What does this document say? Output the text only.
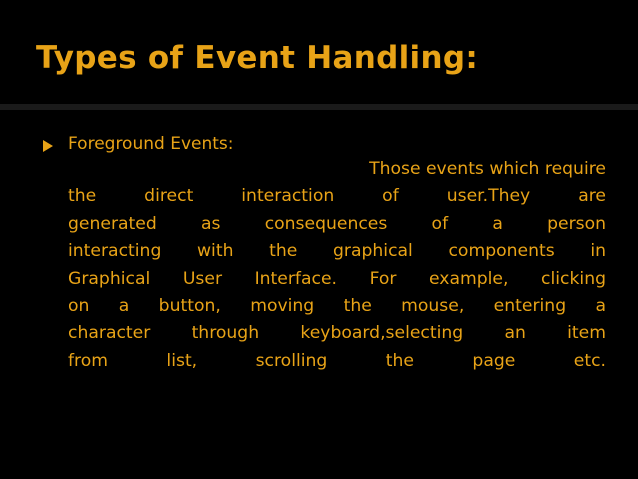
Types of Event Handling:
Foreground Events:
Those events which require
the direct interaction of user.They are
generated as consequences of a person
interacting with the graphical components in
Graphical User Interface. For example, clicking
on a button, moving the mouse, entering a
character through keyboard,selecting an item
from list, scrolling the page etc.
